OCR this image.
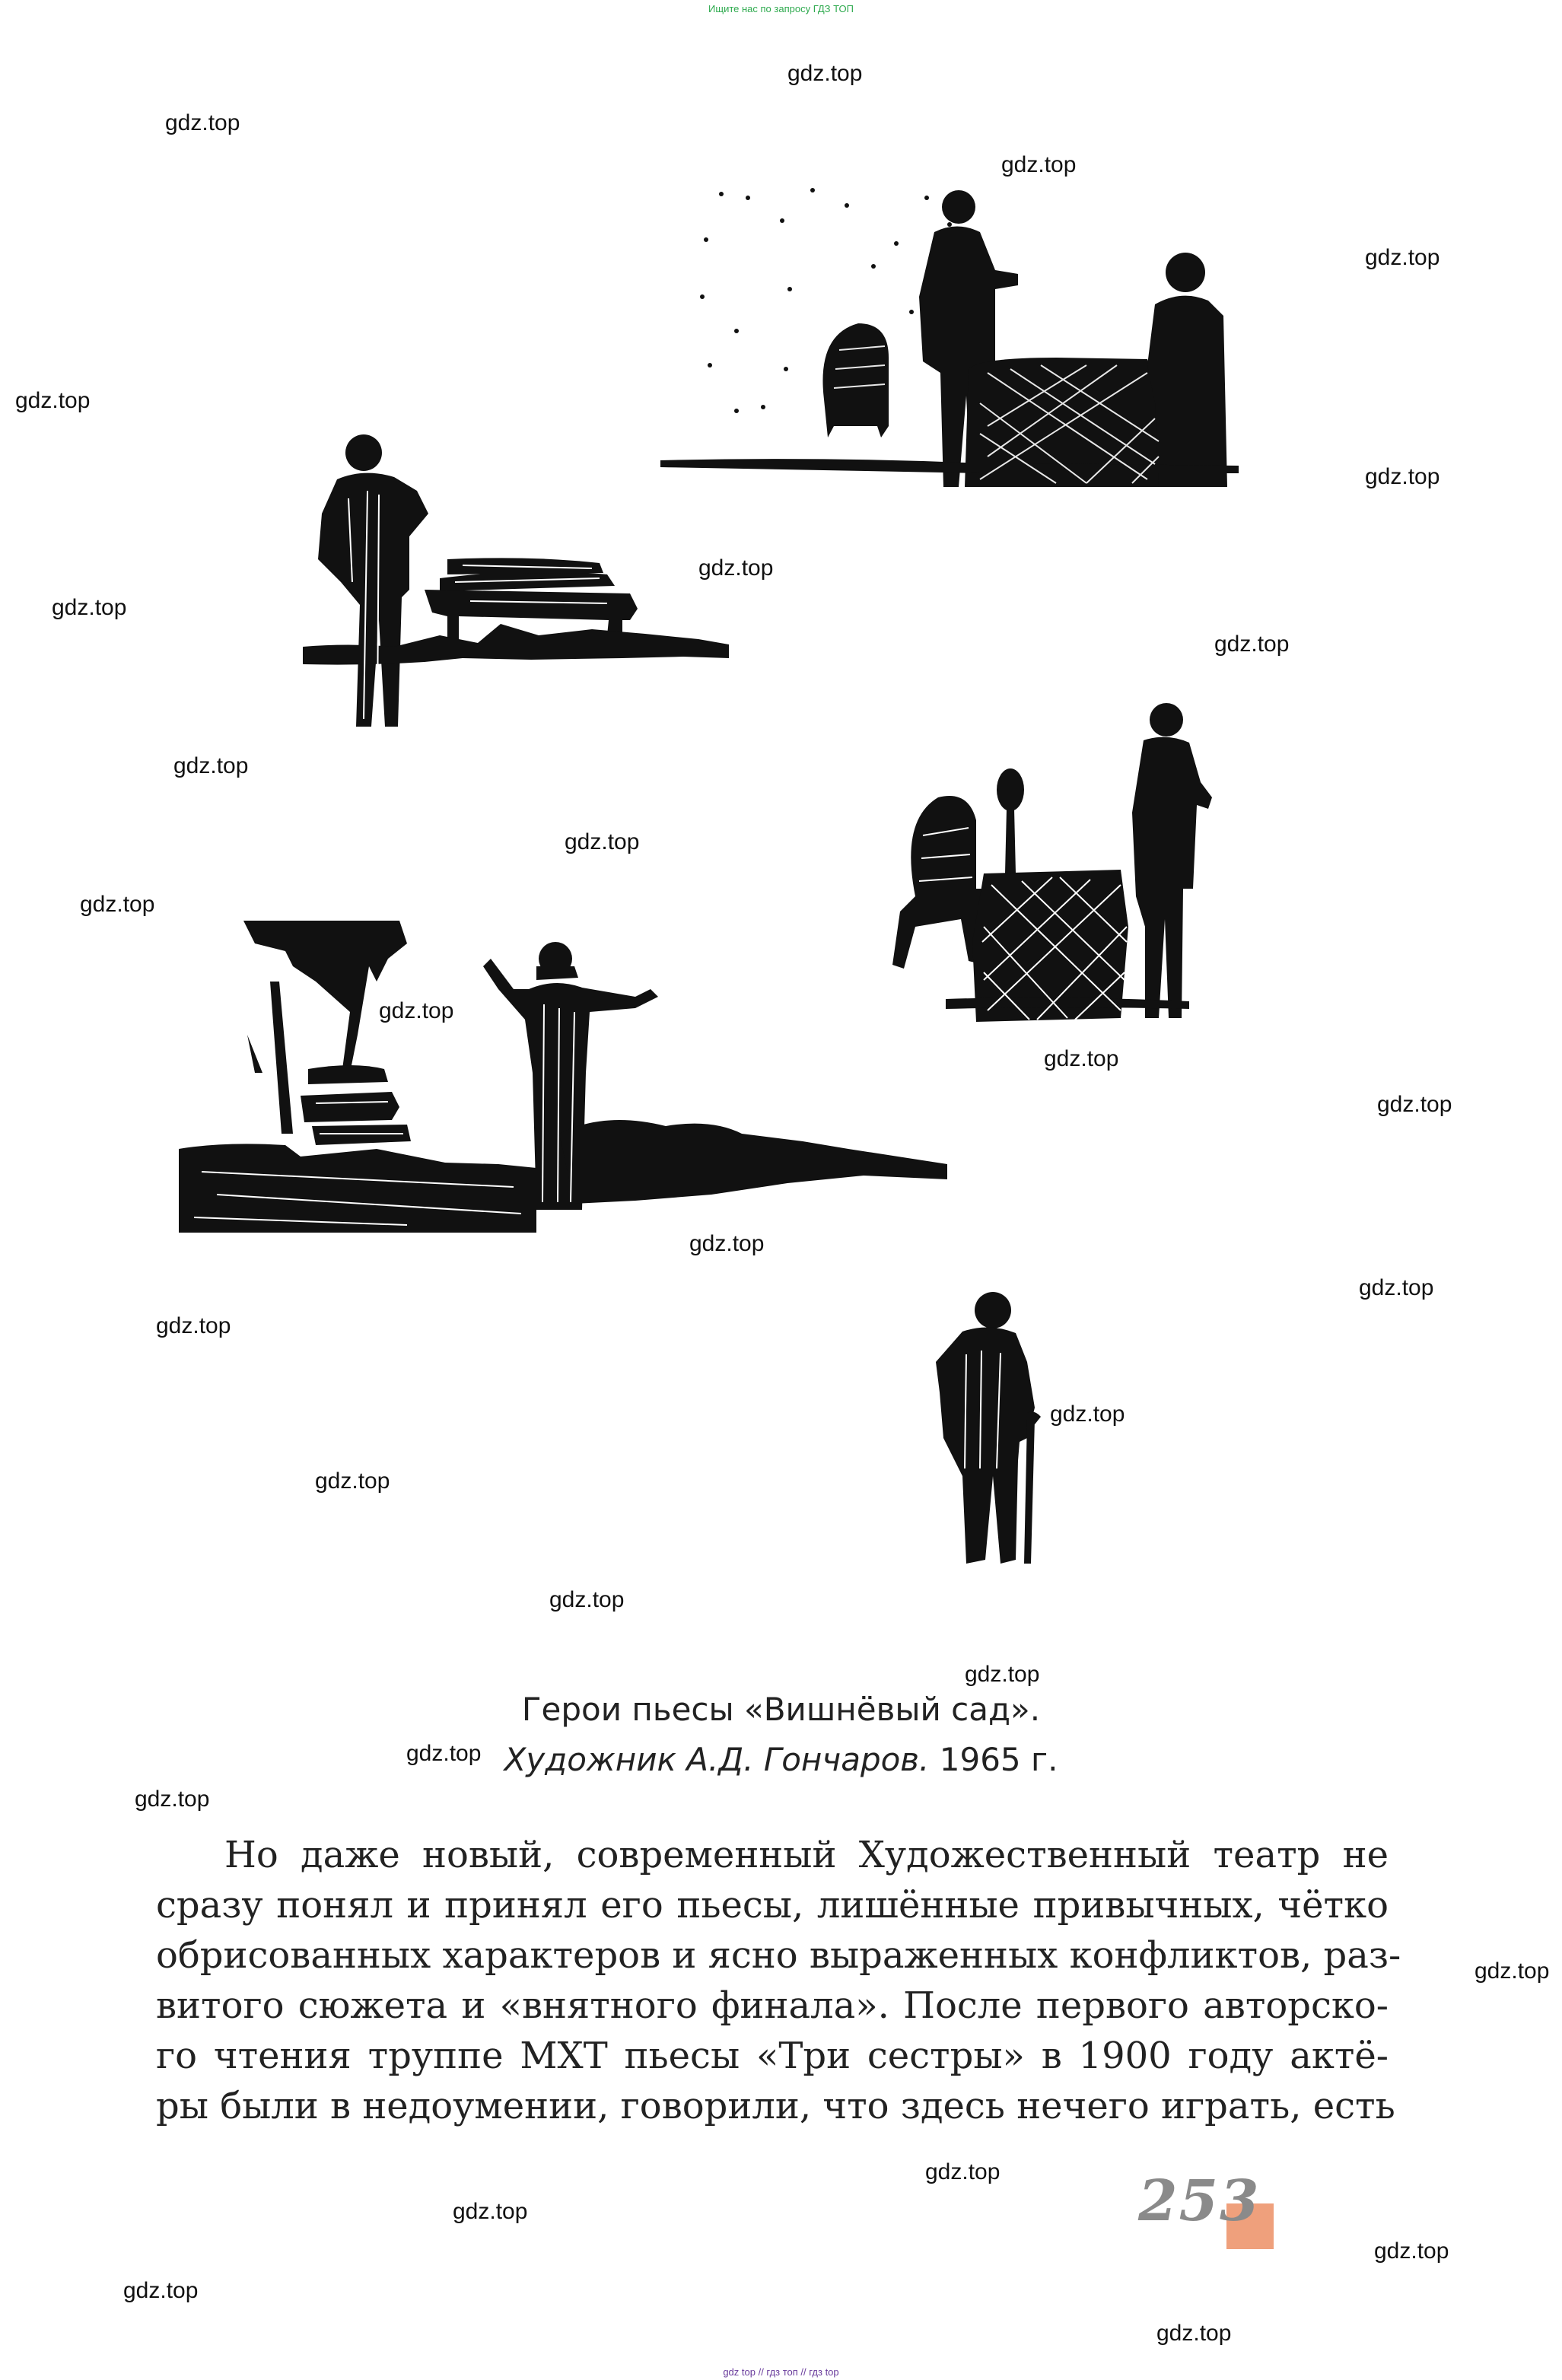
Ищите нас по запросу ГДЗ ТОП
gdz.top
gdz.top
gdz.top
gdz.top
gdz.top
gdz.top
gdz.top
gdz.top
gdz.top
gdz.top
gdz.top
gdz.top
gdz.top
gdz.top
gdz.top
gdz.top
gdz.top
gdz.top
gdz.top
gdz.top
gdz.top
gdz.top
gdz.top
gdz.top
gdz.top
gdz.top
gdz.top
gdz.top
gdz.top
gdz.top
Герои пьесы «Вишнёвый сад».
Художник А.Д. Гончаров. 1965 г.
Но даже новый, современный Художественный театр не
сразу понял и принял его пьесы, лишённые привычных, чётко
обрисованных характеров и ясно выраженных конфликтов, раз-
витого сюжета и «внятного финала». После первого авторско-
го чтения труппе МХТ пьесы «Три сестры» в 1900 году актё-
ры были в недоумении, говорили, что здесь нечего играть, есть
253
gdz top // гдз топ // гдз top
